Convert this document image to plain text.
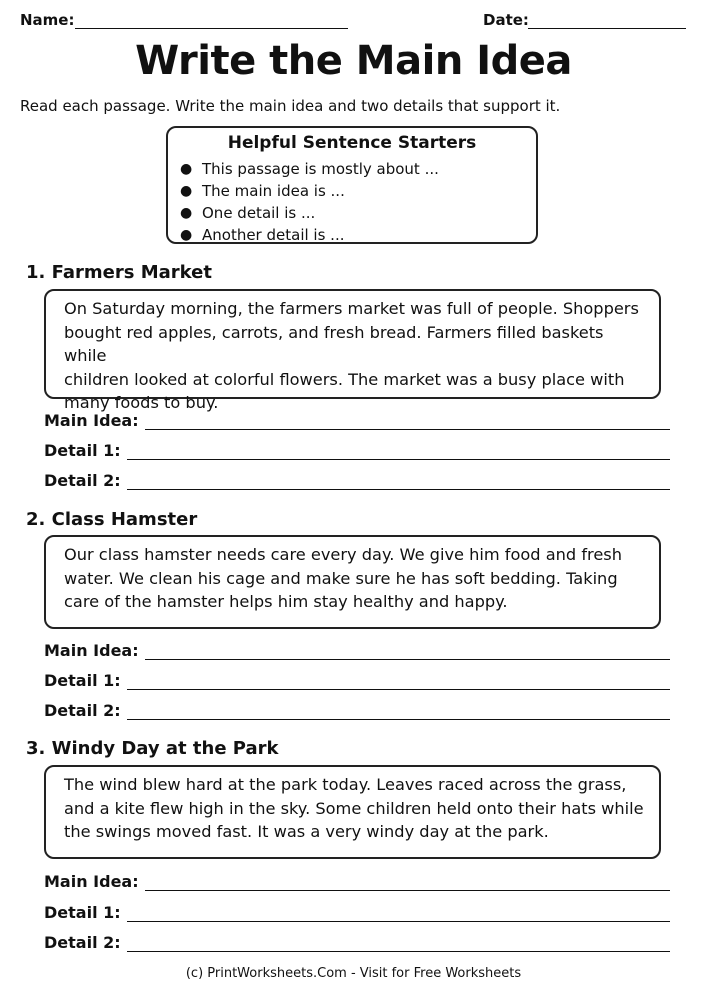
Name:	Date:
Write the Main Idea
Read each passage. Write the main idea and two details that support it.
Helpful Sentence Starters
● This passage is mostly about ...
● The main idea is ...
● One detail is ...
● Another detail is ...
1. Farmers Market
On Saturday morning, the farmers market was full of people. Shoppers
bought red apples, carrots, and fresh bread. Farmers filled baskets while
children looked at colorful flowers. The market was a busy place with
many foods to buy.
Main Idea:
Detail 1:
Detail 2:
2. Class Hamster
Our class hamster needs care every day. We give him food and fresh
water. We clean his cage and make sure he has soft bedding. Taking
care of the hamster helps him stay healthy and happy.
Main Idea:
Detail 1:
Detail 2:
3. Windy Day at the Park
The wind blew hard at the park today. Leaves raced across the grass,
and a kite flew high in the sky. Some children held onto their hats while
the swings moved fast. It was a very windy day at the park.
Main Idea:
Detail 1:
Detail 2:
(c) PrintWorksheets.Com - Visit for Free Worksheets
